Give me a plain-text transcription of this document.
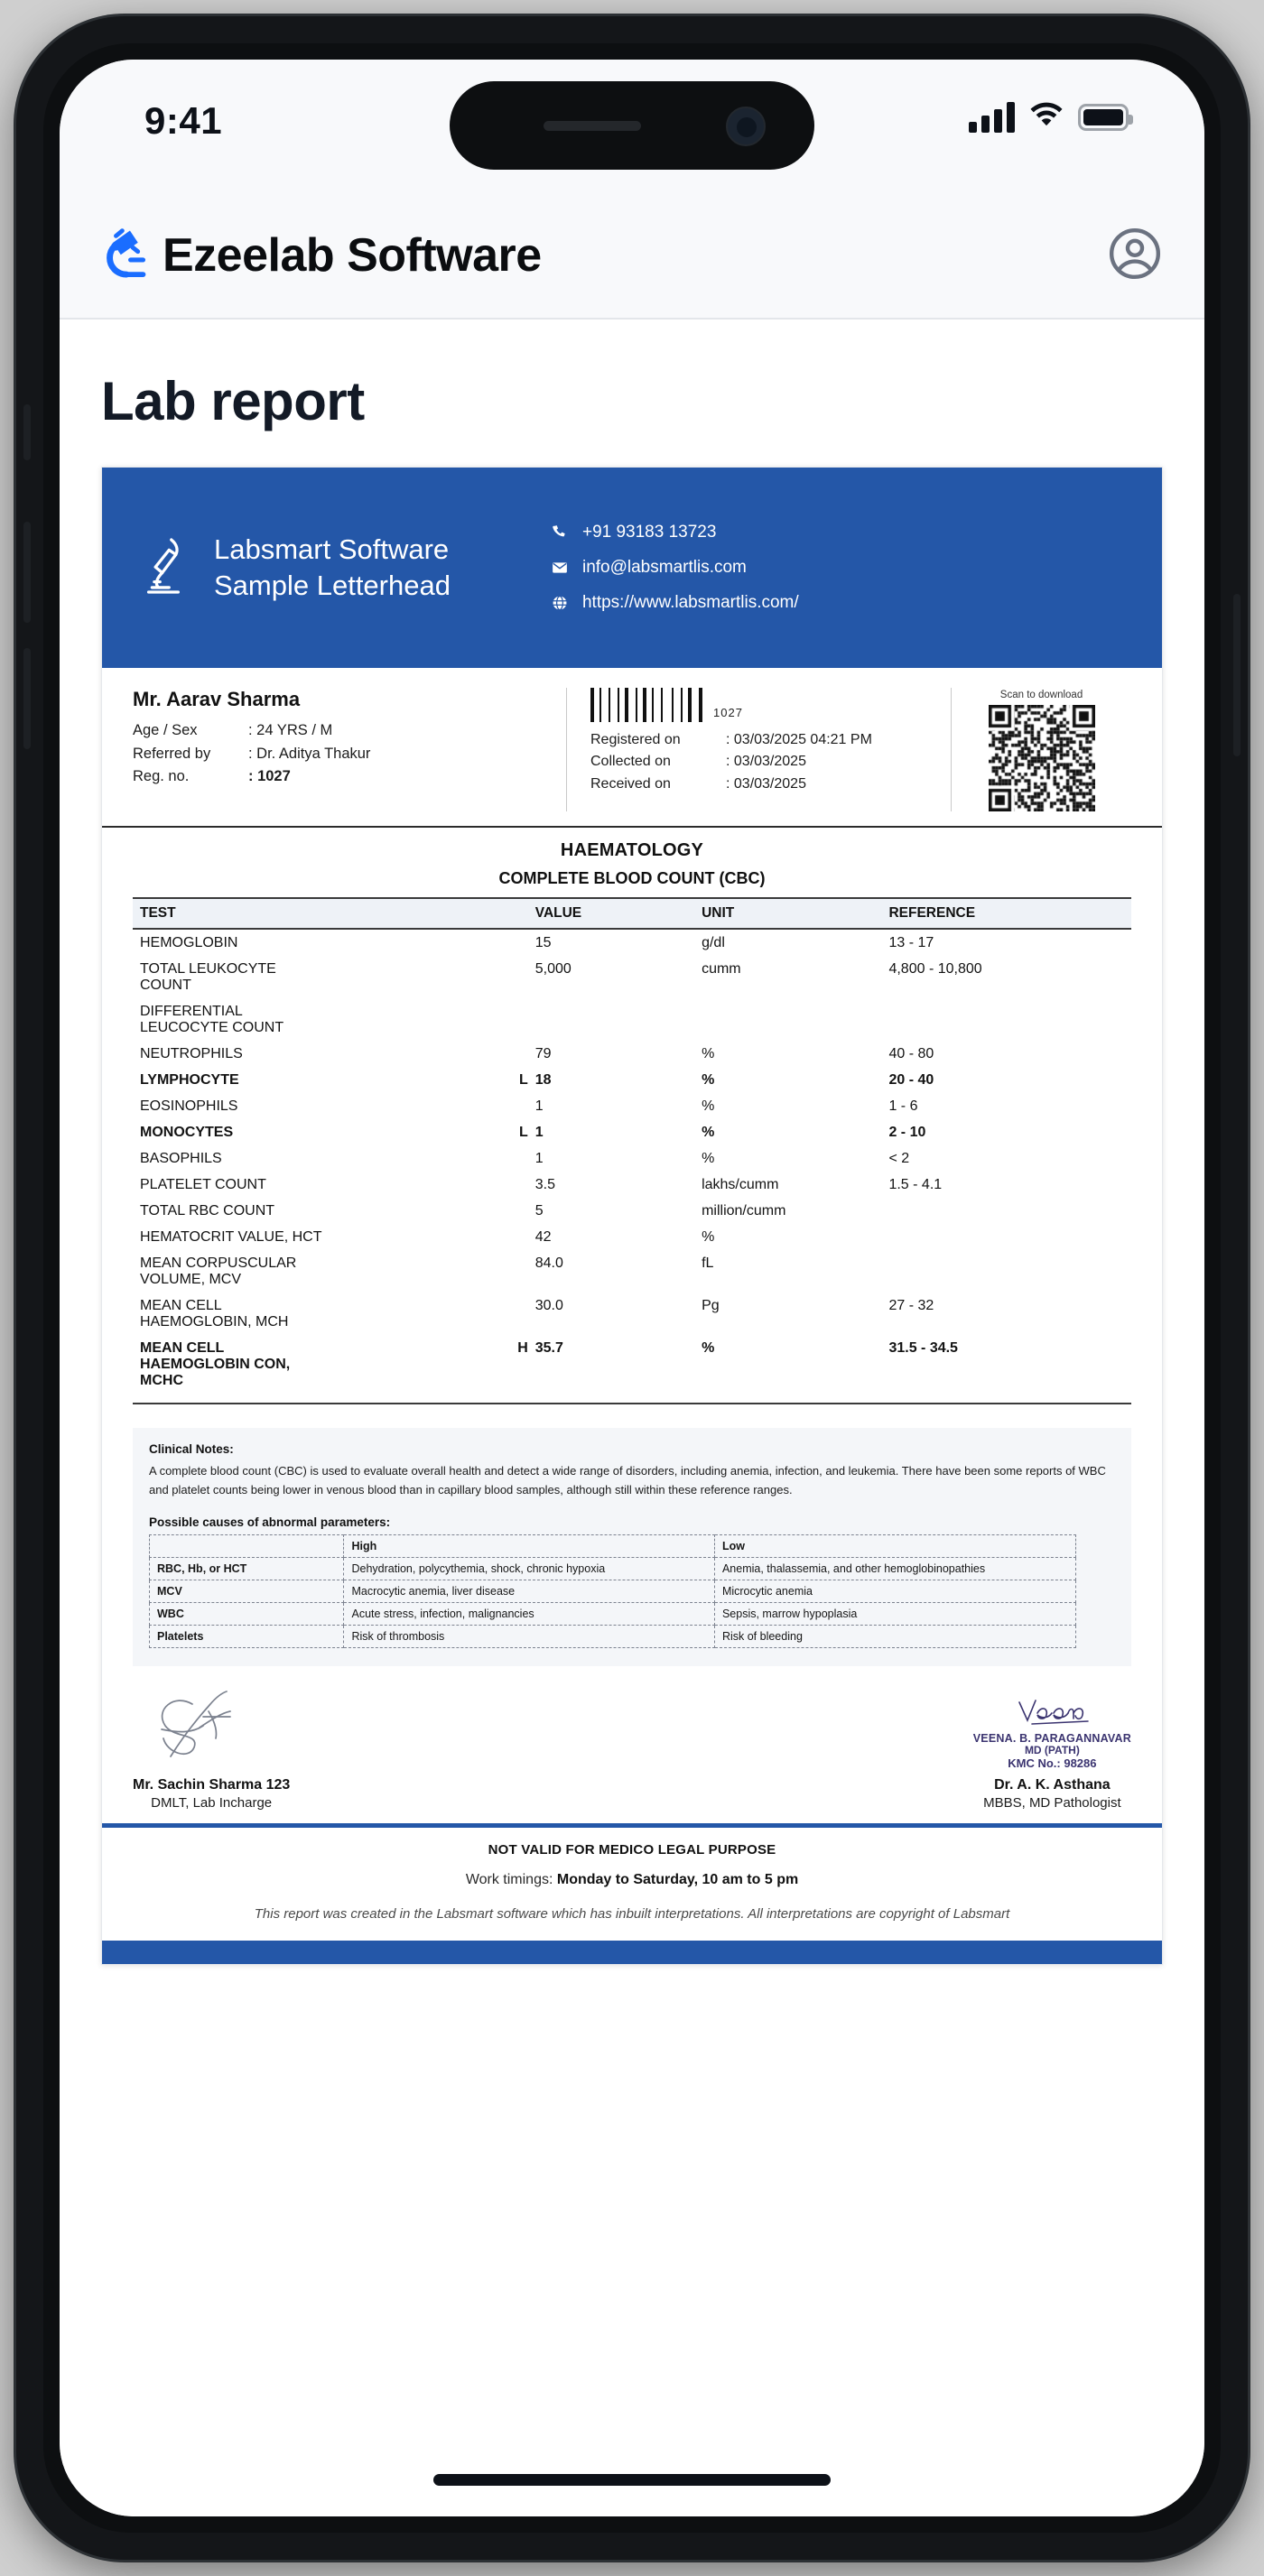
9:41
Ezeelab Software
Lab report
Labsmart Software
Sample Letterhead
+91 93183 13723
info@labsmartlis.com
https://www.labsmartlis.com/
Mr. Aarav Sharma
Age / Sex	: 24 YRS / M
Referred by	: Dr. Aditya Thakur
Reg. no.	: 1027
1027
Registered on	: 03/03/2025 04:21 PM
Collected on	: 03/03/2025
Received on	: 03/03/2025
Scan to download
HAEMATOLOGY
COMPLETE BLOOD COUNT (CBC)
TEST		VALUE	UNIT	REFERENCE
HEMOGLOBIN		15	g/dl	13 - 17
TOTAL LEUKOCYTE COUNT		5,000	cumm	4,800 - 10,800
DIFFERENTIAL LEUCOCYTE COUNT				
NEUTROPHILS		79	%	40 - 80
LYMPHOCYTE	L	18	%	20 - 40
EOSINOPHILS		1	%	1 - 6
MONOCYTES	L	1	%	2 - 10
BASOPHILS		1	%	< 2
PLATELET COUNT		3.5	lakhs/cumm	1.5 - 4.1
TOTAL RBC COUNT		5	million/cumm	
HEMATOCRIT VALUE, HCT		42	%	
MEAN CORPUSCULAR VOLUME, MCV		84.0	fL	
MEAN CELL HAEMOGLOBIN, MCH		30.0	Pg	27 - 32
MEAN CELL HAEMOGLOBIN CON, MCHC	H	35.7	%	31.5 - 34.5
Clinical Notes:
A complete blood count (CBC) is used to evaluate overall health and detect a wide range of disorders, including anemia, infection, and leukemia. There have been some reports of WBC and platelet counts being lower in venous blood than in capillary blood samples, although still within these reference ranges.
Possible causes of abnormal parameters:
	High	Low
RBC, Hb, or HCT	Dehydration, polycythemia, shock, chronic hypoxia	Anemia, thalassemia, and other hemoglobinopathies
MCV	Macrocytic anemia, liver disease	Microcytic anemia
WBC	Acute stress, infection, malignancies	Sepsis, marrow hypoplasia
Platelets	Risk of thrombosis	Risk of bleeding
Mr. Sachin Sharma 123
DMLT, Lab Incharge
VEENA. B. PARAGANNAVAR
MD (PATH)
KMC No.: 98286
Dr. A. K. Asthana
MBBS, MD Pathologist
NOT VALID FOR MEDICO LEGAL PURPOSE
Work timings: Monday to Saturday, 10 am to 5 pm
This report was created in the Labsmart software which has inbuilt interpretations. All interpretations are copyright of Labsmart
